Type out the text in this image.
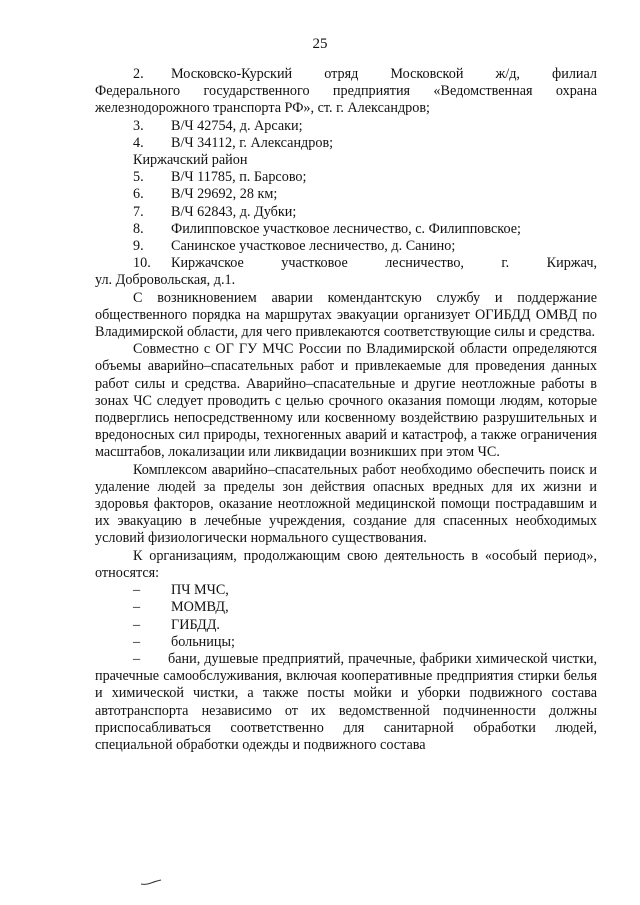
25
2.	Московско-Курский отряд Московской ж/д, филиал

Федерального государственного предприятия «Ведомственная охрана железнодорожного транспорта РФ», ст. г. Александров;

3.	В/Ч 42754, д. Арсаки;
4.	В/Ч 34112, г. Александров;

Киржачский район

5.	В/Ч 11785, п. Барсово;
6.	В/Ч 29692, 28 км;
7.	В/Ч 62843, д. Дубки;
8.	Филипповское участковое лесничество, с. Филипповское;
9.	Санинское участковое лесничество, д. Санино;
10.	Киржачское участковое лесничество, г. Киржач,

ул. Добровольская, д.1.

С возникновением аварии комендантскую службу и поддержание общественного порядка на маршрутах эвакуации организует ОГИБДД ОМВД по Владимирской области, для чего привлекаются соответствующие силы и средства.

Совместно с ОГ ГУ МЧС России по Владимирской области определяются объемы аварийно–спасательных работ и привлекаемые для проведения данных работ силы и средства. Аварийно–спасательные и другие неотложные работы в зонах ЧС следует проводить с целью срочного оказания помощи людям, которые подверглись непосредственному или косвенному воздействию разрушительных и вредоносных сил природы, техногенных аварий и катастроф, а также ограничения масштабов, локализации или ликвидации возникших при этом ЧС.

Комплексом аварийно–спасательных работ необходимо обеспечить поиск и удаление людей за пределы зон действия опасных вредных для их жизни и здоровья факторов, оказание неотложной медицинской помощи пострадавшим и их эвакуацию в лечебные учреждения, создание для спасенных необходимых условий физиологически нормального существования.

К организациям, продолжающим свою деятельность в «особый период», относятся:

–	ПЧ МЧС,
–	МОМВД,
–	ГИБДД.
–	больницы;

– бани, душевые предприятий, прачечные, фабрики химической чистки, прачечные самообслуживания, включая кооперативные предприятия стирки белья и химической чистки, а также посты мойки и уборки подвижного состава автотранспорта независимо от их ведомственной подчиненности должны приспосабливаться соответственно для санитарной обработки людей, специальной обработки одежды и подвижного состава
